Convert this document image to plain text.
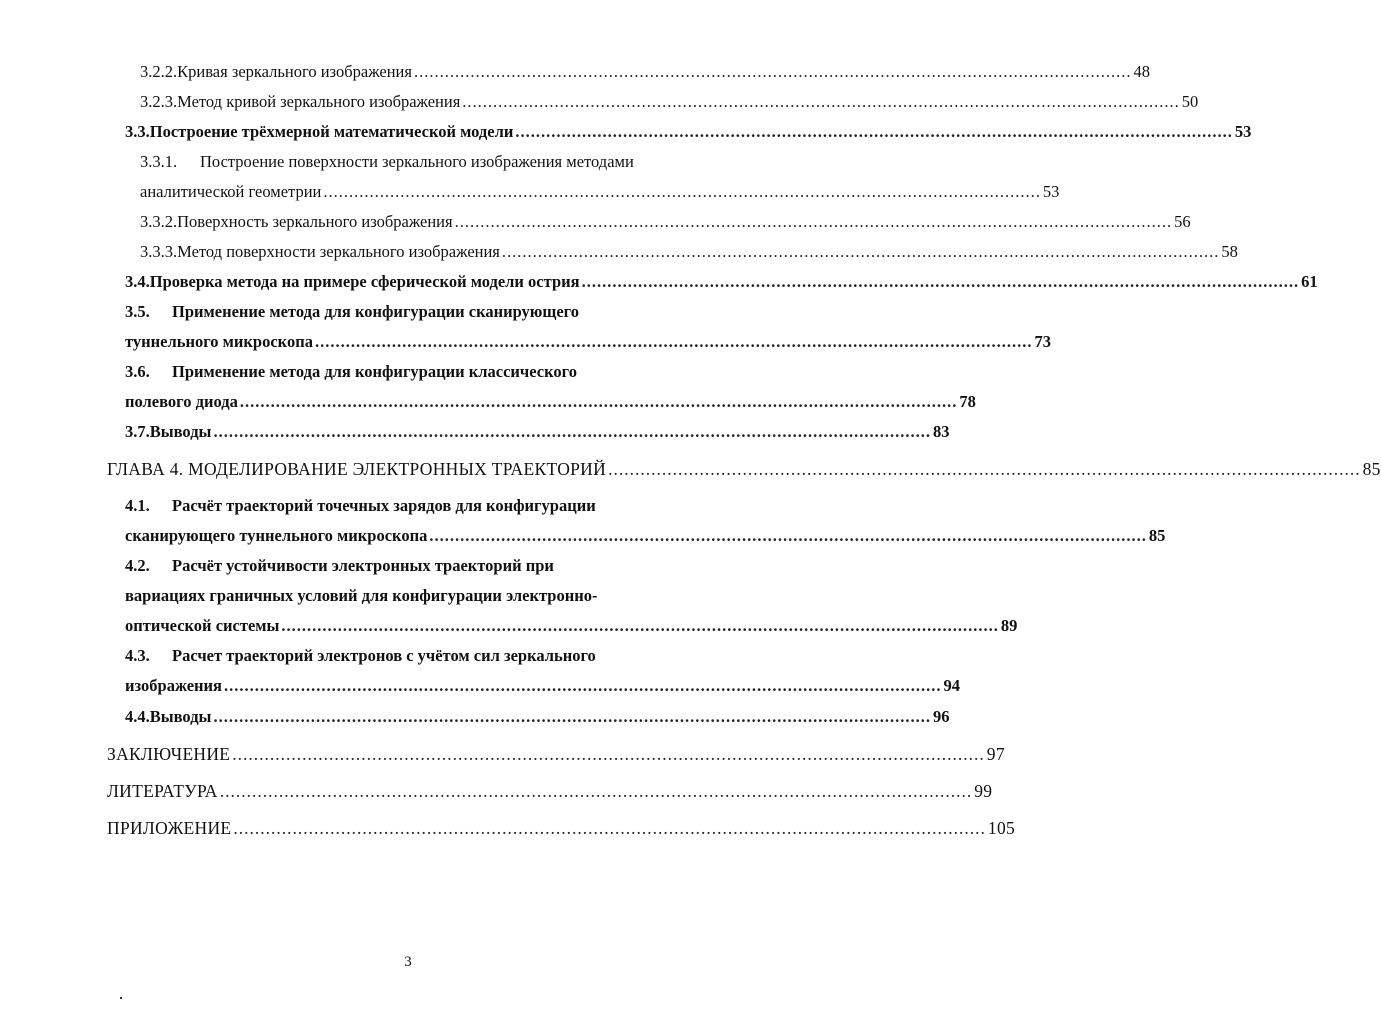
3.2.2. Кривая зеркального изображения ............................................................................................................................................ 48
3.2.3. Метод кривой зеркального изображения ............................................................................................................................................ 50
3.3. Построение трёхмерной математической модели ............................................................................................................................................ 53
3.3.1.	Построение поверхности зеркального изображения методами
аналитической геометрии ............................................................................................................................................ 53
3.3.2. Поверхность зеркального изображения ............................................................................................................................................ 56
3.3.3. Метод поверхности зеркального изображения ............................................................................................................................................ 58
3.4. Проверка метода на примере сферической модели острия ............................................................................................................................................ 61
3.5.	Применение метода для конфигурации сканирующего
туннельного микроскопа ............................................................................................................................................ 73
3.6.	Применение метода для конфигурации классического
полевого диода ............................................................................................................................................ 78
3.7. Выводы ............................................................................................................................................ 83
ГЛАВА 4. МОДЕЛИРОВАНИЕ ЭЛЕКТРОННЫХ ТРАЕКТОРИЙ ............................................................................................................................................ 85
4.1.	Расчёт траекторий точечных зарядов для конфигурации
сканирующего туннельного микроскопа ............................................................................................................................................ 85
4.2.	Расчёт устойчивости электронных траекторий при
вариациях граничных условий для конфигурации электронно-
оптической системы ............................................................................................................................................ 89
4.3.	Расчет траекторий электронов с учётом сил зеркального
изображения ............................................................................................................................................ 94
4.4. Выводы ............................................................................................................................................ 96
ЗАКЛЮЧЕНИЕ ............................................................................................................................................ 97
ЛИТЕРАТУРА ............................................................................................................................................ 99
ПРИЛОЖЕНИЕ ............................................................................................................................................ 105
3
